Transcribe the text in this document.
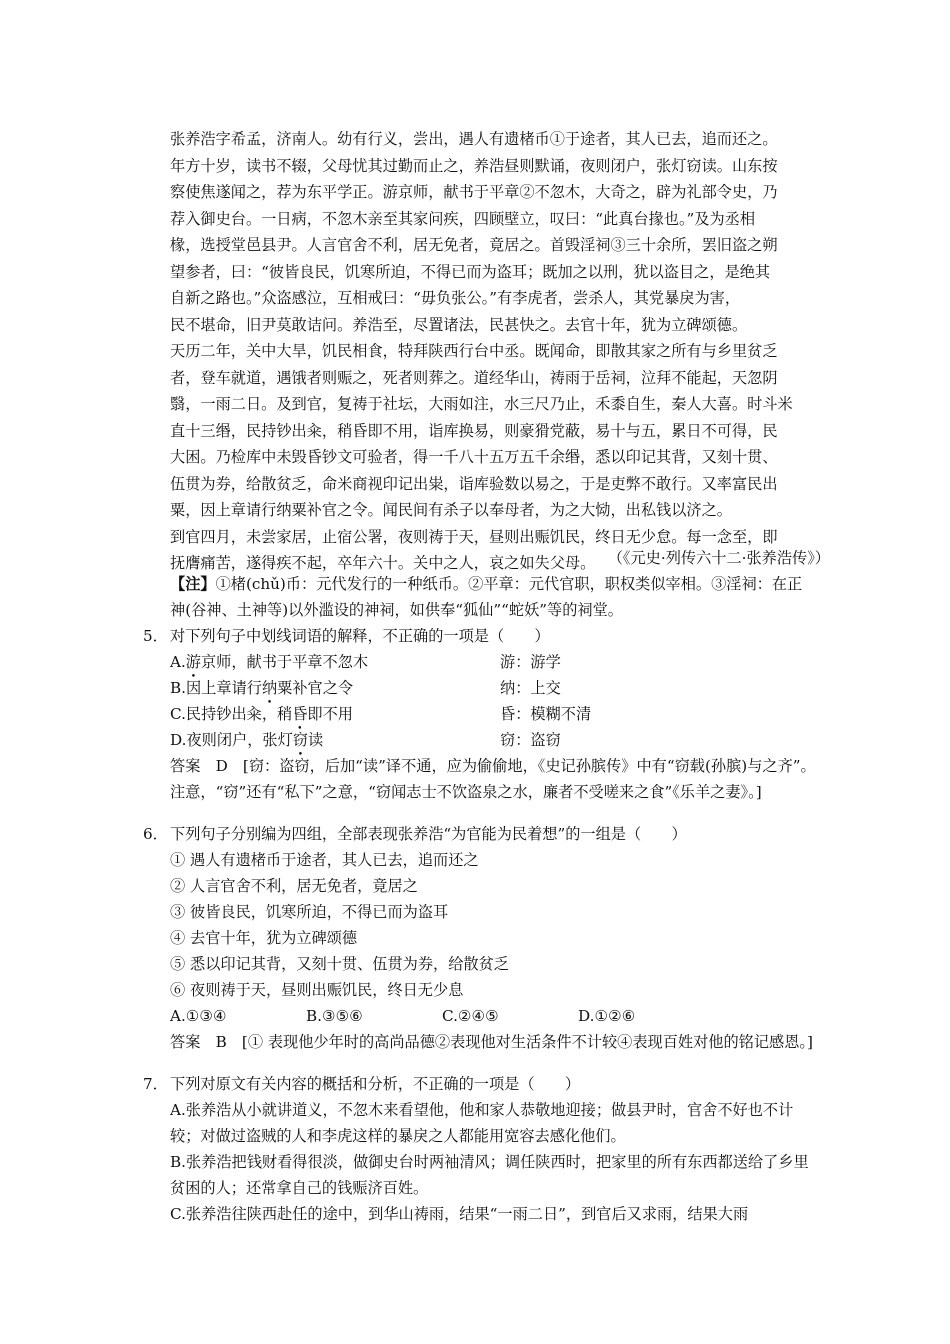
张养浩字希孟，济南人。幼有行义，尝出，遇人有遗楮币①于途者，其人已去，追而还之。

年方十岁，读书不辍，父母忧其过勤而止之，养浩昼则默诵，夜则闭户，张灯窃读。山东按

察使焦遂闻之，荐为东平学正。游京师，献书于平章②不忽木，大奇之，辟为礼部令史，乃

荐入御史台。一日病，不忽木亲至其家问疾，四顾壁立，叹曰：“此真台掾也。”及为丞相

椽，选授堂邑县尹。人言官舍不利，居无免者，竟居之。首毁淫祠③三十余所，罢旧盗之朔

望参者，曰：“彼皆良民，饥寒所迫，不得已而为盗耳；既加之以刑，犹以盗目之，是绝其

自新之路也。”众盗感泣，互相戒曰：“毋负张公。”有李虎者，尝杀人，其党暴戾为害，

民不堪命，旧尹莫敢诘问。养浩至，尽置诸法，民甚快之。去官十年，犹为立碑颂德。

天历二年，关中大旱，饥民相食，特拜陕西行台中丞。既闻命，即散其家之所有与乡里贫乏

者，登车就道，遇饿者则赈之，死者则葬之。道经华山，祷雨于岳祠，泣拜不能起，天忽阴

翳，一雨二日。及到官，复祷于社坛，大雨如注，水三尺乃止，禾黍自生，秦人大喜。时斗米

直十三缗，民持钞出籴，稍昏即不用，诣库换易，则豪猾党蔽，易十与五，累日不可得，民

大困。乃检库中未毁昏钞文可验者，得一千八十五万五千余缗，悉以印记其背，又刻十贯、

伍贯为券，给散贫乏，命米商视印记出粜，诣库验数以易之，于是吏弊不敢行。又率富民出

粟，因上章请行纳粟补官之令。闻民间有杀子以奉母者，为之大恸，出私钱以济之。

到官四月，未尝家居，止宿公署，夜则祷于天，昼则出赈饥民，终日无少怠。每一念至，即

抚膺痛苦，遂得疾不起，卒年六十。关中之人，哀之如失父母。 （《元史·列传六十二·张养浩传》）
【注】①楮(chǔ)币：元代发行的一种纸币。②平章：元代官职，职权类似宰相。③淫祠：在正神(谷神、土神等)以外滥设的神祠，如供奉“狐仙”“蛇妖”等的祠堂。
5． 对下列句子中划线词语的解释，不正确的一项是（　　）
A.游京师，献书于平章不忽木	游：游学
B.因上章请行纳粟补官之令	纳：上交
C.民持钞出籴，稍昏即不用	昏：模糊不清
D.夜则闭户，张灯窃读	窃：盗窃
答案　D　[窃：盗窃，后加“读”译不通，应为偷偷地，《史记孙膑传》中有“窃载(孙膑)与之齐”。注意，“窃”还有“私下”之意，“窃闻志士不饮盗泉之水，廉者不受嗟来之食”《乐羊之妻》。]
6． 下列句子分别编为四组，全部表现张养浩“为官能为民着想”的一组是（　　）
① 遇人有遗楮币于途者，其人已去，追而还之
② 人言官舍不利，居无免者，竟居之
③ 彼皆良民，饥寒所迫，不得已而为盗耳
④ 去官十年，犹为立碑颂德
⑤ 悉以印记其背，又刻十贯、伍贯为券，给散贫乏
⑥ 夜则祷于天，昼则出赈饥民，终日无少息
A.①③④	B.③⑤⑥	C.②④⑤	D.①②⑥
答案　B　[① 表现他少年时的高尚品德②表现他对生活条件不计较④表现百姓对他的铭记感恩。]
7． 下列对原文有关内容的概括和分析，不正确的一项是（　　）
A.张养浩从小就讲道义，不忽木来看望他，他和家人恭敬地迎接；做县尹时，官舍不好也不计较；对做过盗贼的人和李虎这样的暴戾之人都能用宽容去感化他们。
B.张养浩把钱财看得很淡，做御史台时两袖清风；调任陕西时，把家里的所有东西都送给了乡里贫困的人；还常拿自己的钱赈济百姓。
C.张养浩往陕西赴任的途中，到华山祷雨，结果“一雨二日”，到官后又求雨，结果大雨
